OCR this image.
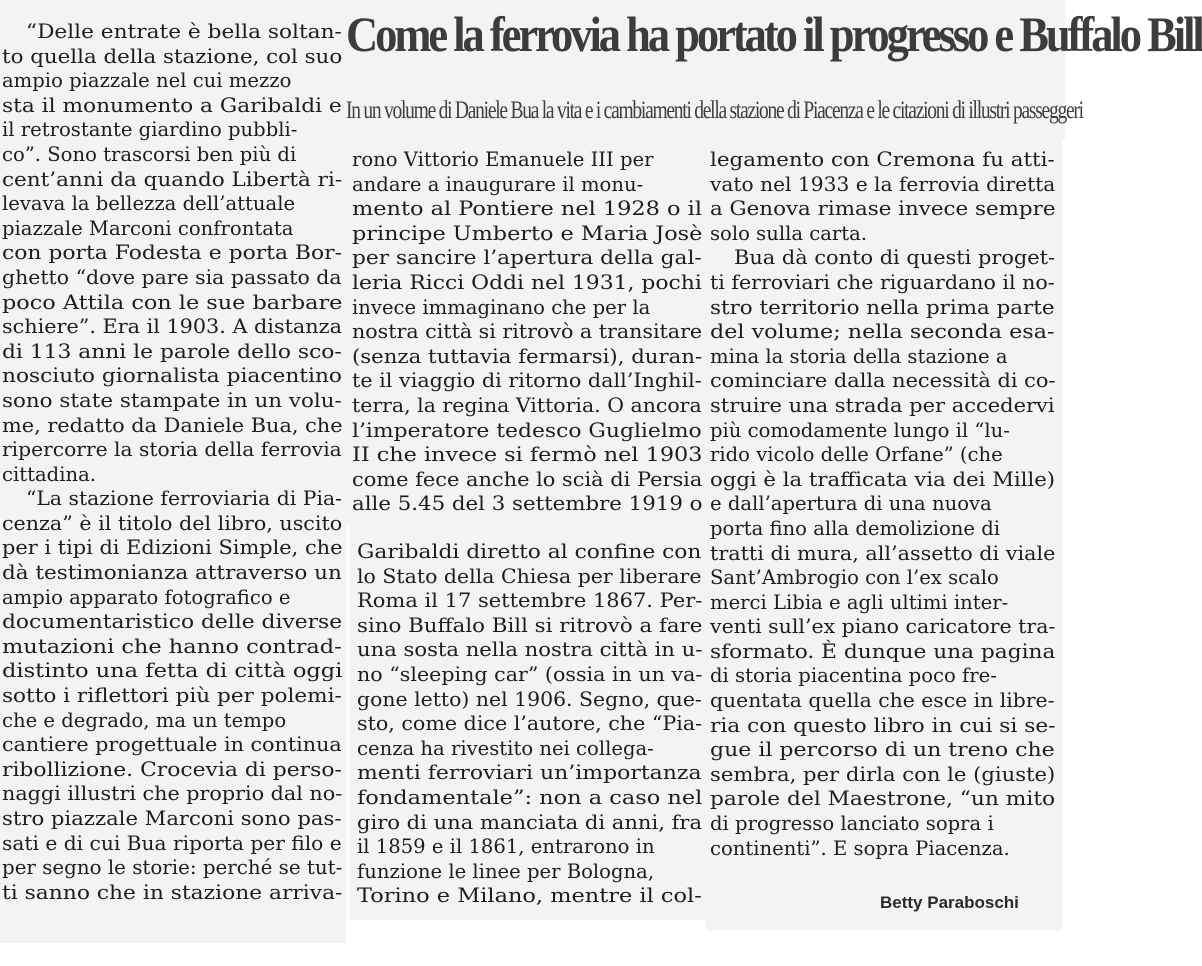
Come la ferrovia ha portato il progresso e Buffalo Bill
In un volume di Daniele Bua la vita e i cambiamenti della stazione di Piacenza e le citazioni di illustri passeggeri
“Delle entrate è bella soltan-
to quella della stazione, col suo
ampio piazzale nel cui mezzo
sta il monumento a Garibaldi e
il retrostante giardino pubbli-
co”. Sono trascorsi ben più di
cent’anni da quando Libertà ri-
levava la bellezza dell’attuale
piazzale Marconi confrontata
con porta Fodesta e porta Bor-
ghetto “dove pare sia passato da
poco Attila con le sue barbare
schiere”. Era il 1903. A distanza
di 113 anni le parole dello sco-
nosciuto giornalista piacentino
sono state stampate in un volu-
me, redatto da Daniele Bua, che
ripercorre la storia della ferrovia
cittadina.
“La stazione ferroviaria di Pia-
cenza” è il titolo del libro, uscito
per i tipi di Edizioni Simple, che
dà testimonianza attraverso un
ampio apparato fotografico e
documentaristico delle diverse
mutazioni che hanno contrad-
distinto una fetta di città oggi
sotto i riflettori più per polemi-
che e degrado, ma un tempo
cantiere progettuale in continua
ribollizione. Crocevia di perso-
naggi illustri che proprio dal no-
stro piazzale Marconi sono pas-
sati e di cui Bua riporta per filo e
per segno le storie: perché se tut-
ti sanno che in stazione arriva-
rono Vittorio Emanuele III per
andare a inaugurare il monu-
mento al Pontiere nel 1928 o il
principe Umberto e Maria Josè
per sancire l’apertura della gal-
leria Ricci Oddi nel 1931, pochi
invece immaginano che per la
nostra città si ritrovò a transitare
(senza tuttavia fermarsi), duran-
te il viaggio di ritorno dall’Inghil-
terra, la regina Vittoria. O ancora
l’imperatore tedesco Guglielmo
II che invece si fermò nel 1903
come fece anche lo scià di Persia
alle 5.45 del 3 settembre 1919 o
Garibaldi diretto al confine con
lo Stato della Chiesa per liberare
Roma il 17 settembre 1867. Per-
sino Buffalo Bill si ritrovò a fare
una sosta nella nostra città in u-
no “sleeping car” (ossia in un va-
gone letto) nel 1906. Segno, que-
sto, come dice l’autore, che “Pia-
cenza ha rivestito nei collega-
menti ferroviari un’importanza
fondamentale”: non a caso nel
giro di una manciata di anni, fra
il 1859 e il 1861, entrarono in
funzione le linee per Bologna,
Torino e Milano, mentre il col-
legamento con Cremona fu atti-
vato nel 1933 e la ferrovia diretta
a Genova rimase invece sempre
solo sulla carta.
Bua dà conto di questi proget-
ti ferroviari che riguardano il no-
stro territorio nella prima parte
del volume; nella seconda esa-
mina la storia della stazione a
cominciare dalla necessità di co-
struire una strada per accedervi
più comodamente lungo il “lu-
rido vicolo delle Orfane” (che
oggi è la trafficata via dei Mille)
e dall’apertura di una nuova
porta fino alla demolizione di
tratti di mura, all’assetto di viale
Sant’Ambrogio con l’ex scalo
merci Libia e agli ultimi inter-
venti sull’ex piano caricatore tra-
sformato. È dunque una pagina
di storia piacentina poco fre-
quentata quella che esce in libre-
ria con questo libro in cui si se-
gue il percorso di un treno che
sembra, per dirla con le (giuste)
parole del Maestrone, “un mito
di progresso lanciato sopra i
continenti”. E sopra Piacenza.
Betty Paraboschi
